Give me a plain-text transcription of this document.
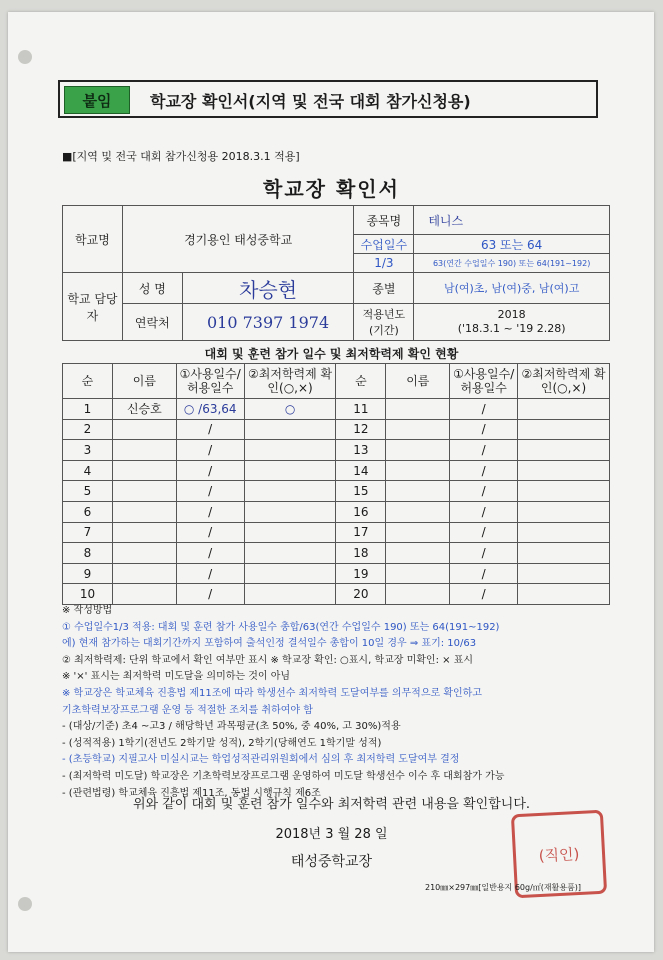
붙임	학교장 확인서(지역 및 전국 대회 참가신청용)
■[지역 및 전국 대회 참가신청용 2018.3.1 적용]
학교장 확인서
학교명	경기용인 태성중학교		종목명	테니스
			수업일수	63 또는 64
			1/3	63(연간 수업일수 190) 또는 64(191~192)
학교 담당자	성 명	차승현	종별	남(여)초, 남(여)중, 남(여)고
	연락처	010 7397 1974	적용년도 (기간)	2018
('18.3.1 ~ '19 2.28)
대회 및 훈련 참가 일수 및 최저학력제 확인 현황
순	이름	①사용일수/ 허용일수	②최저학력제 확인(○,×)	순	이름	①사용일수/ 허용일수	②최저학력제 확인(○,×)
1	신승호	○ /63,64	○	11		/	
2		/		12		/	
3		/		13		/	
4		/		14		/	
5		/		15		/	
6		/		16		/	
7		/		17		/	
8		/		18		/	
9		/		19		/	
10		/		20		/	
※ 작성방법
① 수업일수1/3 적용: 대회 및 훈련 참가 사용일수 총합/63(연간 수업일수 190) 또는 64(191~192)
에) 현재 참가하는 대회기간까지 포함하여 출석인정 결석일수 총합이 10일 경우 ⇒ 표기: 10/63
② 최저학력제: 단위 학교에서 확인 여부만 표시 ※ 학교장 확인: ○표시, 학교장 미확인: × 표시
※ '×' 표시는 최저학력 미도달을 의미하는 것이 아님
※ 학교장은 학교체육 진흥법 제11조에 따라 학생선수 최저학력 도달여부를 의무적으로 확인하고
기초학력보장프로그램 운영 등 적절한 조치를 취하여야 함
- (대상/기준) 초4 ~고3 / 해당학년 과목평균(초 50%, 중 40%, 고 30%)적용
- (성적적용) 1학기(전년도 2학기말 성적), 2학기(당해연도 1학기말 성적)
- (초등학교) 지필고사 미실시교는 학업성적관리위원회에서 심의 후 최저학력 도달여부 결정
- (최저학력 미도달) 학교장은 기초학력보장프로그램 운영하여 미도달 학생선수 이수 후 대회참가 가능
- (관련법령) 학교체육 진흥법 제11조, 동법 시행규칙 제6조
위와 같이 대회 및 훈련 참가 일수와 최저학력 관련 내용을 확인합니다.
2018년 3 월 28 일
태성중학교장	(직인)
210㎜×297㎜[일반용지 60g/㎡(재활용품)]
